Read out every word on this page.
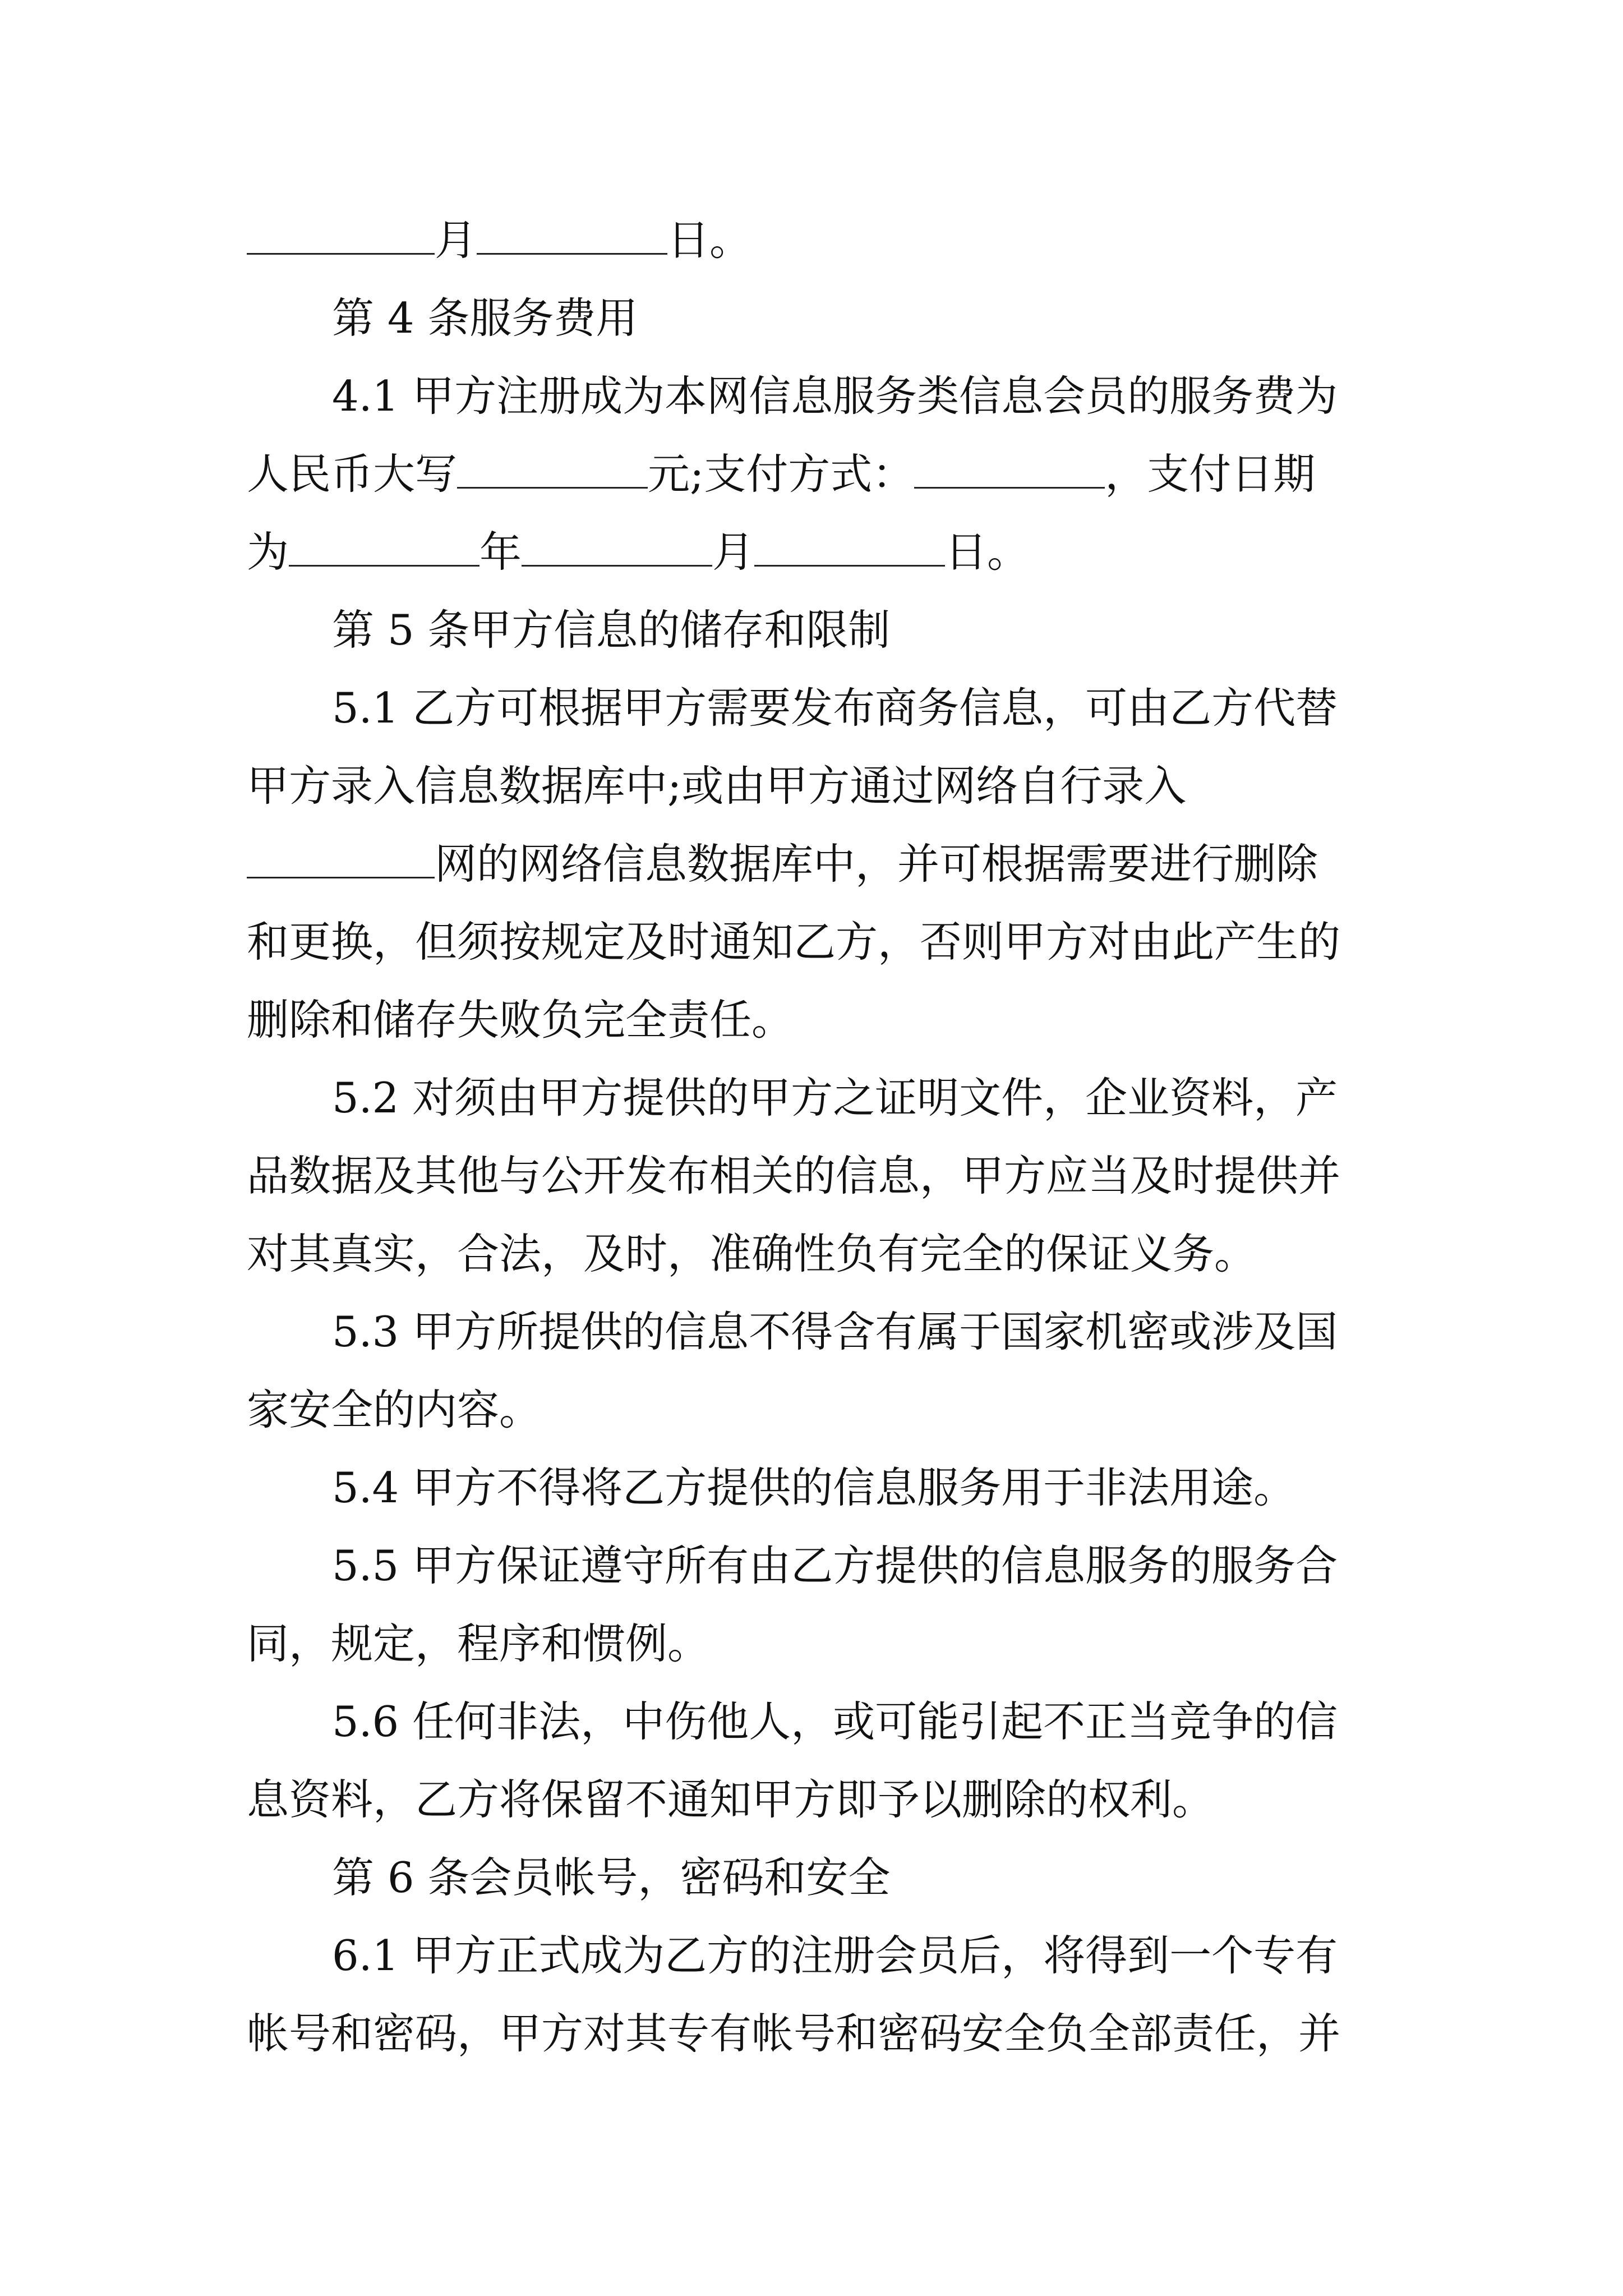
月	日。
第 4 条服务费用
4.1 甲方注册成为本网信息服务类信息会员的服务费为
人民币大写	元;支付方式：	，支付日期
为	年	月	日。
第 5 条甲方信息的储存和限制
5.1 乙方可根据甲方需要发布商务信息，可由乙方代替
甲方录入信息数据库中;或由甲方通过网络自行录入
网的网络信息数据库中，并可根据需要进行删除
和更换，但须按规定及时通知乙方，否则甲方对由此产生的
删除和储存失败负完全责任。
5.2 对须由甲方提供的甲方之证明文件，企业资料，产
品数据及其他与公开发布相关的信息，甲方应当及时提供并
对其真实，合法，及时，准确性负有完全的保证义务。
5.3 甲方所提供的信息不得含有属于国家机密或涉及国
家安全的内容。
5.4 甲方不得将乙方提供的信息服务用于非法用途。
5.5 甲方保证遵守所有由乙方提供的信息服务的服务合
同，规定，程序和惯例。
5.6 任何非法，中伤他人，或可能引起不正当竞争的信
息资料，乙方将保留不通知甲方即予以删除的权利。
第 6 条会员帐号，密码和安全
6.1 甲方正式成为乙方的注册会员后，将得到一个专有
帐号和密码，甲方对其专有帐号和密码安全负全部责任，并
